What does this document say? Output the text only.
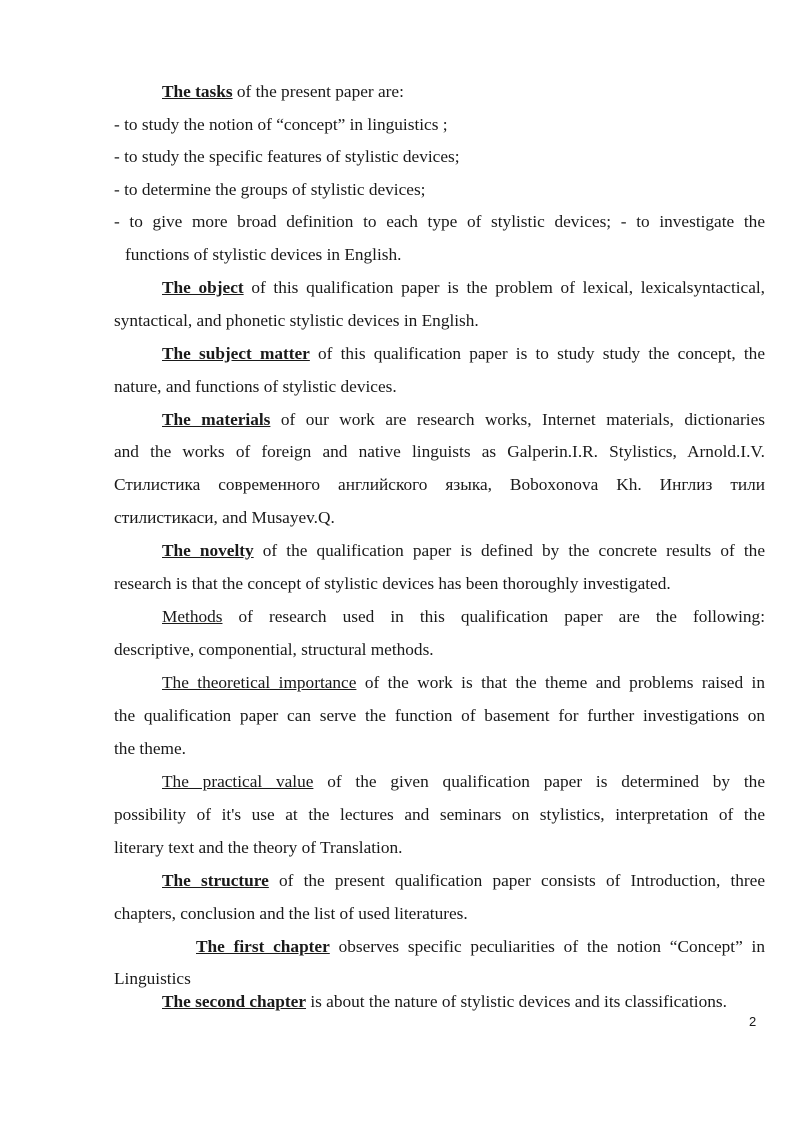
The tasks of the present paper are:
- to study the notion of “concept” in linguistics ;
- to study the specific features of stylistic devices;
- to determine the groups of stylistic devices;
- to give more broad definition to each type of stylistic devices; - to investigate the
functions of stylistic devices in English.
The object of this qualification paper is the problem of lexical, lexicalsyntactical,
syntactical, and phonetic stylistic devices in English.
The subject matter of this qualification paper is to study study the concept, the
nature, and functions of stylistic devices.
The materials of our work are research works, Internet materials, dictionaries
and the works of foreign and native linguists as Galperin.I.R. Stylistics, Arnold.I.V.
Стилистика современного английского языка, Boboxonova Kh. Инглиз тили
стилистикаси, and Musayev.Q.
The novelty of the qualification paper is defined by the concrete results of the
research is that the concept of stylistic devices has been thoroughly investigated.
Methods of research used in this qualification paper are the following:
descriptive, componential, structural methods.
The theoretical importance of the work is that the theme and problems raised in
the qualification paper can serve the function of basement for further investigations on
the theme.
The practical value of the given qualification paper is determined by the
possibility of it's use at the lectures and seminars on stylistics, interpretation of the
literary text and the theory of Translation.
The structure of the present qualification paper consists of Introduction, three
chapters, conclusion and the list of used literatures.
The first chapter observes specific peculiarities of the notion “Concept” in
Linguistics
The second chapter is about the nature of stylistic devices and its classifications.
2
